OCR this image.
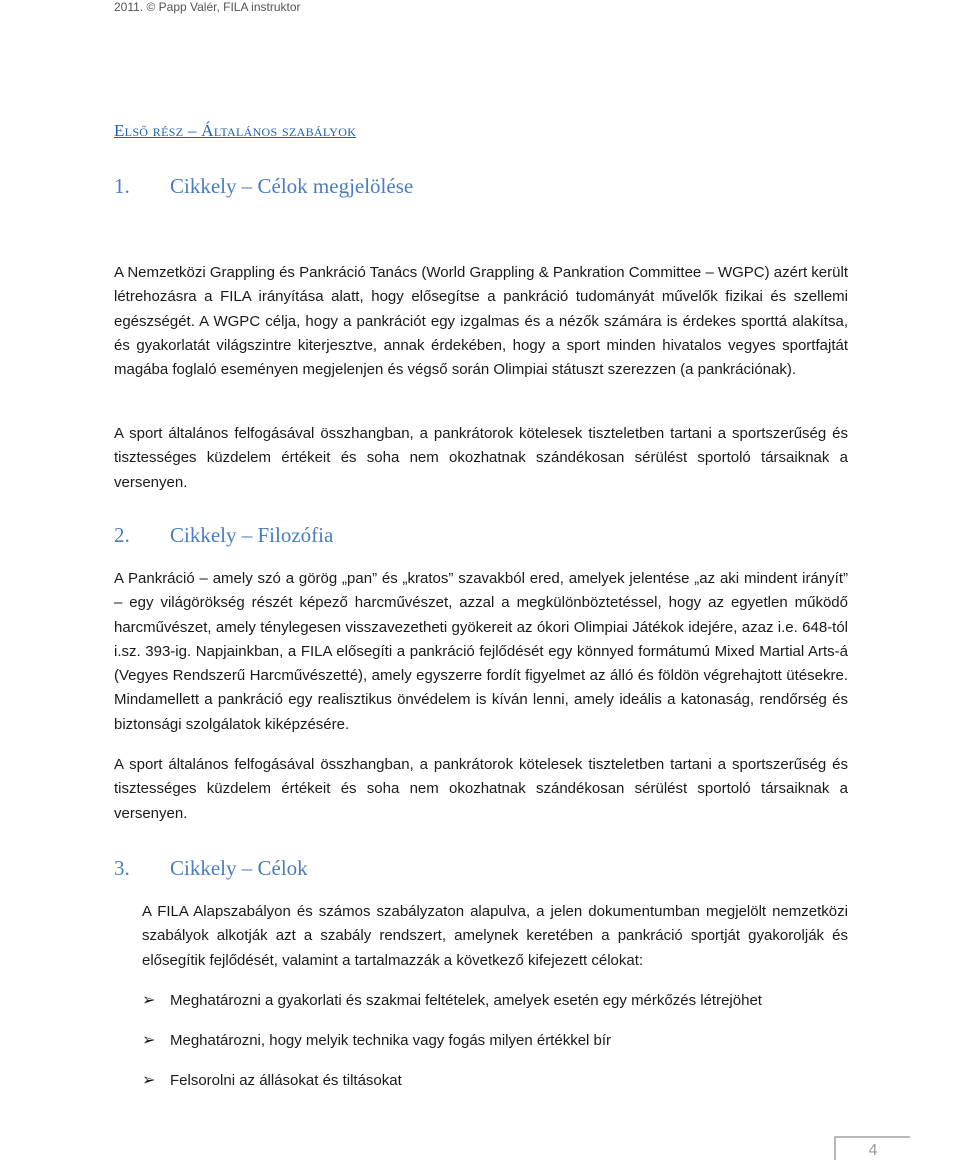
2011. © Papp Valér, FILA instruktor
Első rész – Általános szabályok
1. Cikkely – Célok megjelölése

A Nemzetközi Grappling és Pankráció Tanács (World Grappling & Pankration Committee – WGPC) azért került létrehozásra a FILA irányítása alatt, hogy elősegítse a pankráció tudományát művelők fizikai és szellemi egészségét. A WGPC célja, hogy a pankrációt egy izgalmas és a nézők számára is érdekes sporttá alakítsa, és gyakorlatát világszintre kiterjesztve, annak érdekében, hogy a sport minden hivatalos vegyes sportfajtát magába foglaló eseményen megjelenjen és végső során Olimpiai státuszt szerezzen (a pankrációnak).

A sport általános felfogásával összhangban, a pankrátorok kötelesek tiszteletben tartani a sportszerűség és tisztességes küzdelem értékeit és soha nem okozhatnak szándékosan sérülést sportoló társaiknak a versenyen.

2. Cikkely – Filozófia

A Pankráció – amely szó a görög „pan” és „kratos” szavakból ered, amelyek jelentése „az aki mindent irányít” – egy világörökség részét képező harcművészet, azzal a megkülönböztetéssel, hogy az egyetlen működő harcművészet, amely ténylegesen visszavezetheti gyökereit az ókori Olimpiai Játékok idejére, azaz i.e. 648-tól i.sz. 393-ig. Napjainkban, a FILA elősegíti a pankráció fejlődését egy könnyed formátumú Mixed Martial Arts-á (Vegyes Rendszerű Harcművészetté), amely egyszerre fordít figyelmet az álló és földön végrehajtott ütésekre. Mindamellett a pankráció egy realisztikus önvédelem is kíván lenni, amely ideális a katonaság, rendőrség és biztonsági szolgálatok kiképzésére.

A sport általános felfogásával összhangban, a pankrátorok kötelesek tiszteletben tartani a sportszerűség és tisztességes küzdelem értékeit és soha nem okozhatnak szándékosan sérülést sportoló társaiknak a versenyen.

3. Cikkely – Célok

A FILA Alapszabályon és számos szabályzaton alapulva, a jelen dokumentumban megjelölt nemzetközi szabályok alkotják azt a szabály rendszert, amelynek keretében a pankráció sportját gyakorolják és elősegítik fejlődését, valamint a tartalmazzák a következő kifejezett célokat:

➢ Meghatározni a gyakorlati és szakmai feltételek, amelyek esetén egy mérkőzés létrejöhet
➢ Meghatározni, hogy melyik technika vagy fogás milyen értékkel bír
➢ Felsorolni az állásokat és tiltásokat
4
